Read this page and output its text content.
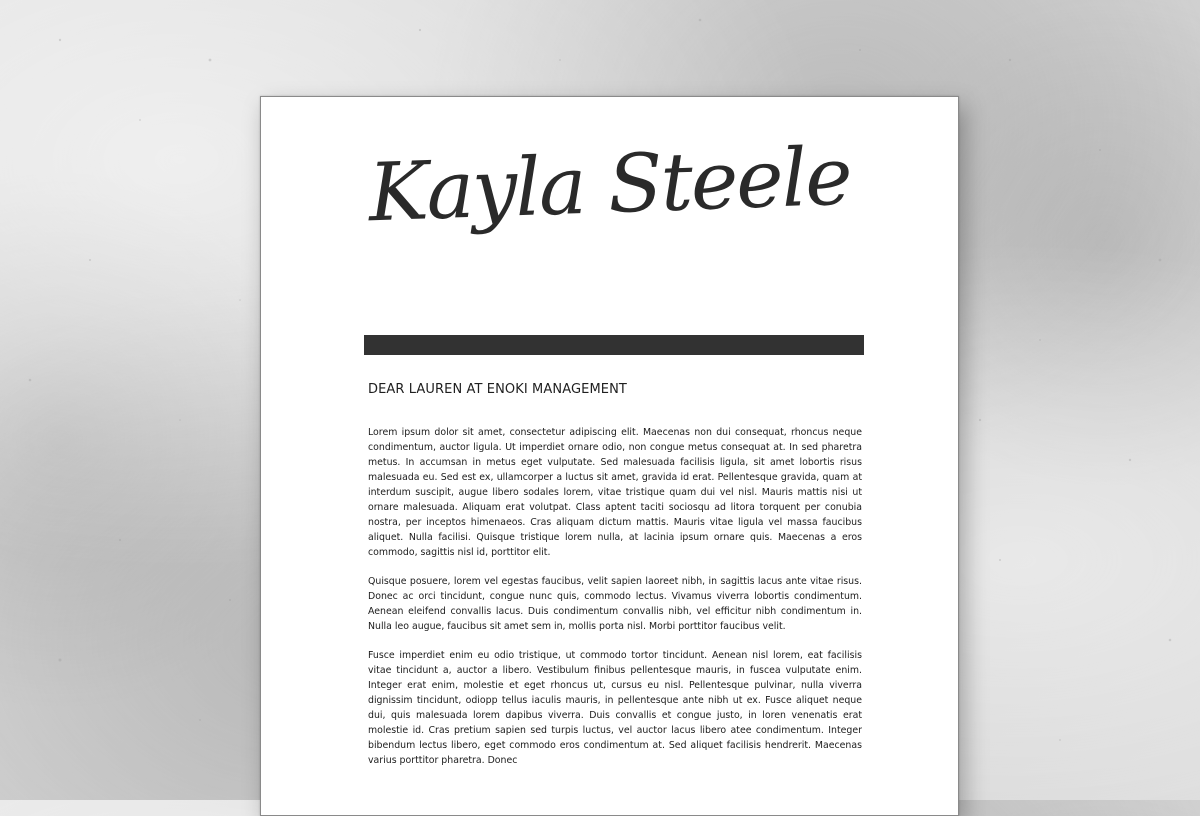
Kayla Steele
DEAR LAUREN AT ENOKI MANAGEMENT

Lorem ipsum dolor sit amet, consectetur adipiscing elit. Maecenas non dui consequat, rhoncus neque condimentum, auctor ligula. Ut imperdiet ornare odio, non congue metus consequat at. In sed pharetra metus. In accumsan in metus eget vulputate. Sed malesuada facilisis ligula, sit amet lobortis risus malesuada eu. Sed est ex, ullamcorper a luctus sit amet, gravida id erat. Pellentesque gravida, quam at interdum suscipit, augue libero sodales lorem, vitae tristique quam dui vel nisl. Mauris mattis nisi ut ornare malesuada. Aliquam erat volutpat. Class aptent taciti sociosqu ad litora torquent per conubia nostra, per inceptos himenaeos. Cras aliquam dictum mattis. Mauris vitae ligula vel massa faucibus aliquet. Nulla facilisi. Quisque tristique lorem nulla, at lacinia ipsum ornare quis. Maecenas a eros commodo, sagittis nisl id, porttitor elit.

Quisque posuere, lorem vel egestas faucibus, velit sapien laoreet nibh, in sagittis lacus ante vitae risus. Donec ac orci tincidunt, congue nunc quis, commodo lectus. Vivamus viverra lobortis condimentum. Aenean eleifend convallis lacus. Duis condimentum convallis nibh, vel efficitur nibh condimentum in. Nulla leo augue, faucibus sit amet sem in, mollis porta nisl. Morbi porttitor faucibus velit.

Fusce imperdiet enim eu odio tristique, ut commodo tortor tincidunt. Aenean nisl lorem, eat facilisis vitae tincidunt a, auctor a libero. Vestibulum finibus pellentesque mauris, in fuscea vulputate enim. Integer erat enim, molestie et eget rhoncus ut, cursus eu nisl. Pellentesque pulvinar, nulla viverra dignissim tincidunt, odiopp tellus iaculis mauris, in pellentesque ante nibh ut ex. Fusce aliquet neque dui, quis malesuada lorem dapibus viverra. Duis convallis et congue justo, in loren venenatis erat molestie id. Cras pretium sapien sed turpis luctus, vel auctor lacus libero atee condimentum. Integer bibendum lectus libero, eget commodo eros condimentum at. Sed aliquet facilisis hendrerit. Maecenas varius porttitor pharetra. Donec
